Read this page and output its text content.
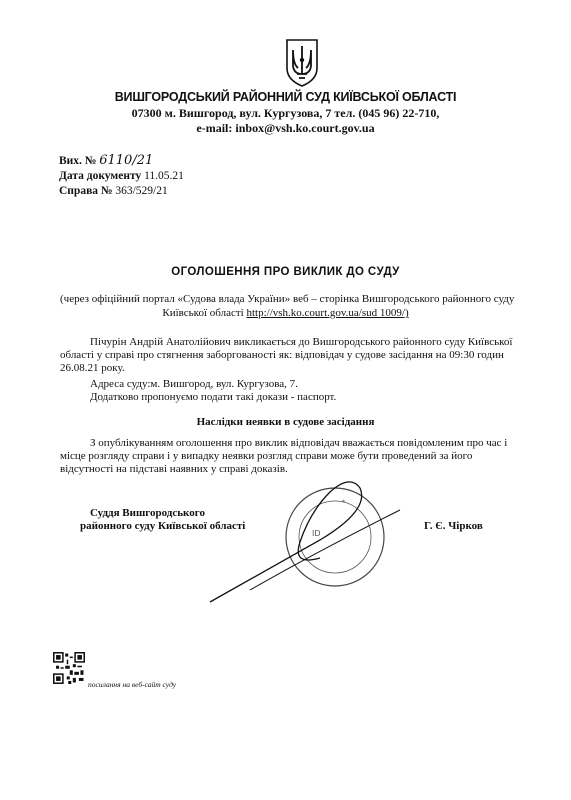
ВИШГОРОДСЬКИЙ РАЙОННИЙ СУД КИЇВСЬКОЇ ОБЛАСТІ
07300 м. Вишгород, вул. Кургузова, 7 тел. (045 96) 22-710,
e-mail: inbox@vsh.ko.court.gov.ua
Вих. № 6110/21
Дата документу 11.05.21
Справа № 363/529/21
ОГОЛОШЕННЯ ПРО ВИКЛИК ДО СУДУ
(через офіційний портал «Судова влада України» веб – сторінка Вишгородського районного суду
Київської області http://vsh.ko.court.gov.ua/sud 1009/)
Пічурін Андрій Анатолійович викликається до Вишгородського районного суду Київської
області у справі про стягнення заборгованості як: відповідач у судове засідання на 09:30 годин
26.08.21 року.
Адреса суду:м. Вишгород, вул. Кургузова, 7.
Додатково пропонуємо подати такі докази - паспорт.
Наслідки неявки в судове засідання
З опублікуванням оголошення про виклик відповідач вважається повідомленим про час і
місце розгляду справи і у випадку неявки розгляд справи може бути проведений за його
відсутності на підставі наявних у справі доказів.
Суддя Вишгородського
районного суду Київської області	Г. Є. Чірков
ID
*
посилання на веб-сайт суду
